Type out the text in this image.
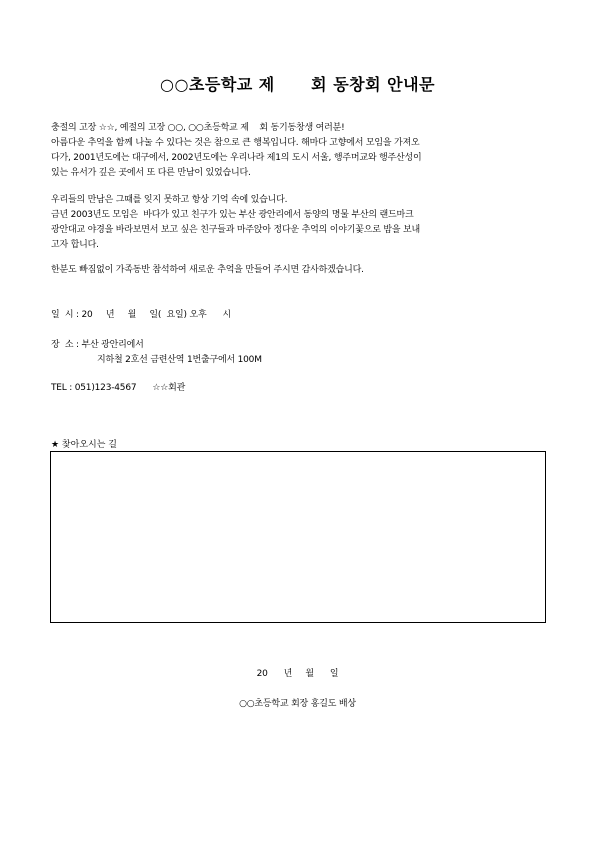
○○초등학교 제      회 동창회 안내문
충절의 고장 ☆☆, 예절의 고장 ○○, ○○초등학교 제    회 동기동창생 여러분!
아름다운 추억을 함께 나눌 수 있다는 것은 참으로 큰 행복입니다. 해마다 고향에서 모임을 가져오
다가, 2001년도에는 대구에서, 2002년도에는 우리나라 제1의 도시 서울, 행주머교와 행주산성이
있는 유서가 깊은 곳에서 또 다른 만남이 있었습니다.
우리들의 만남은 그때를 잊지 못하고 항상 기억 속에 있습니다.
금년 2003년도 모임은  바다가 있고 친구가 있는 부산 광안리에서 동양의 명물 부산의 랜드마크
광안대교 야경을 바라보면서 보고 싶은 친구들과 마주앉아 정다운 추억의 이야기꽃으로 밤을 보내
고자 합니다.
한분도 빠짐없이 가족동반 참석하여 새로운 추억을 만들어 주시면 감사하겠습니다.
일  시 : 20     년     월     일(  요일) 오후      시
장  소 : 부산 광안리에서
지하철 2호선 금련산역 1번출구에서 100M
TEL : 051)123-4567      ☆☆회관
★ 찾아오시는 길
20      년     월      일
○○초등학교 회장 홍길도 배상
